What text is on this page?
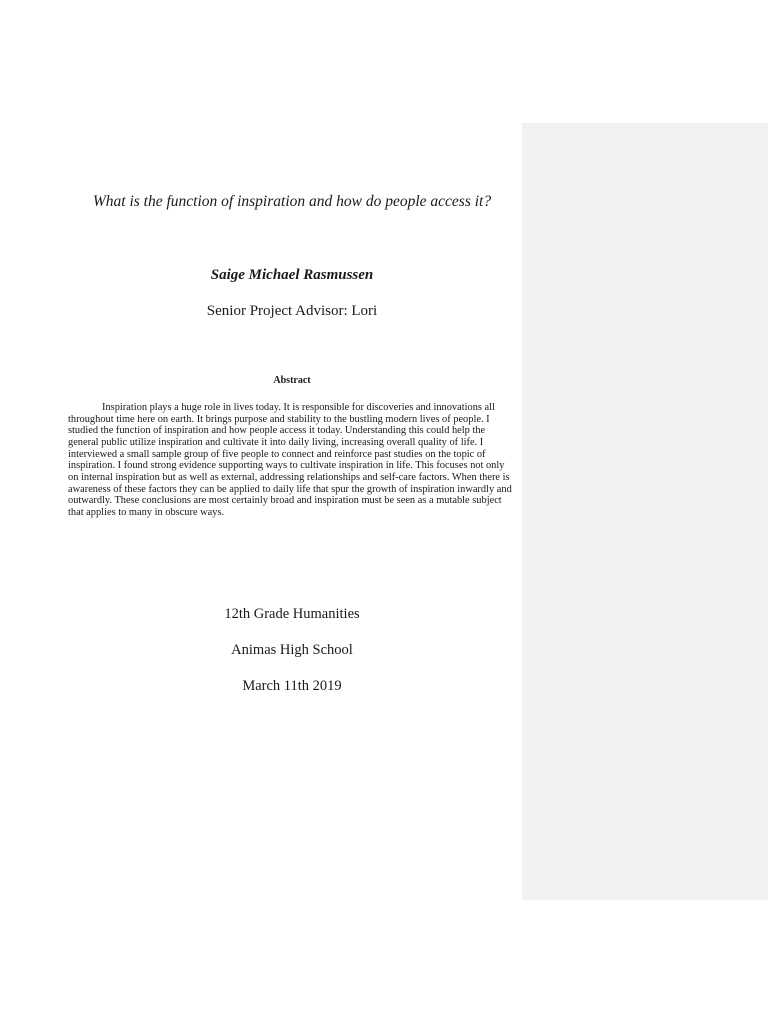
What is the function of inspiration and how do people access it?
Saige Michael Rasmussen
Senior Project Advisor: Lori
Abstract

Inspiration plays a huge role in lives today. It is responsible for discoveries and innovations all throughout time here on earth. It brings purpose and stability to the bustling modern lives of people. I studied the function of inspiration and how people access it today. Understanding this could help the general public utilize inspiration and cultivate it into daily living, increasing overall quality of life. I interviewed a small sample group of five people to connect and reinforce past studies on the topic of inspiration. I found strong evidence supporting ways to cultivate inspiration in life. This focuses not only on internal inspiration but as well as external, addressing relationships and self-care factors. When there is awareness of these factors they can be applied to daily life that spur the growth of inspiration inwardly and outwardly. These conclusions are most certainly broad and inspiration must be seen as a mutable subject that applies to many in obscure ways.

12th Grade Humanities
Animas High School
March 11th 2019
